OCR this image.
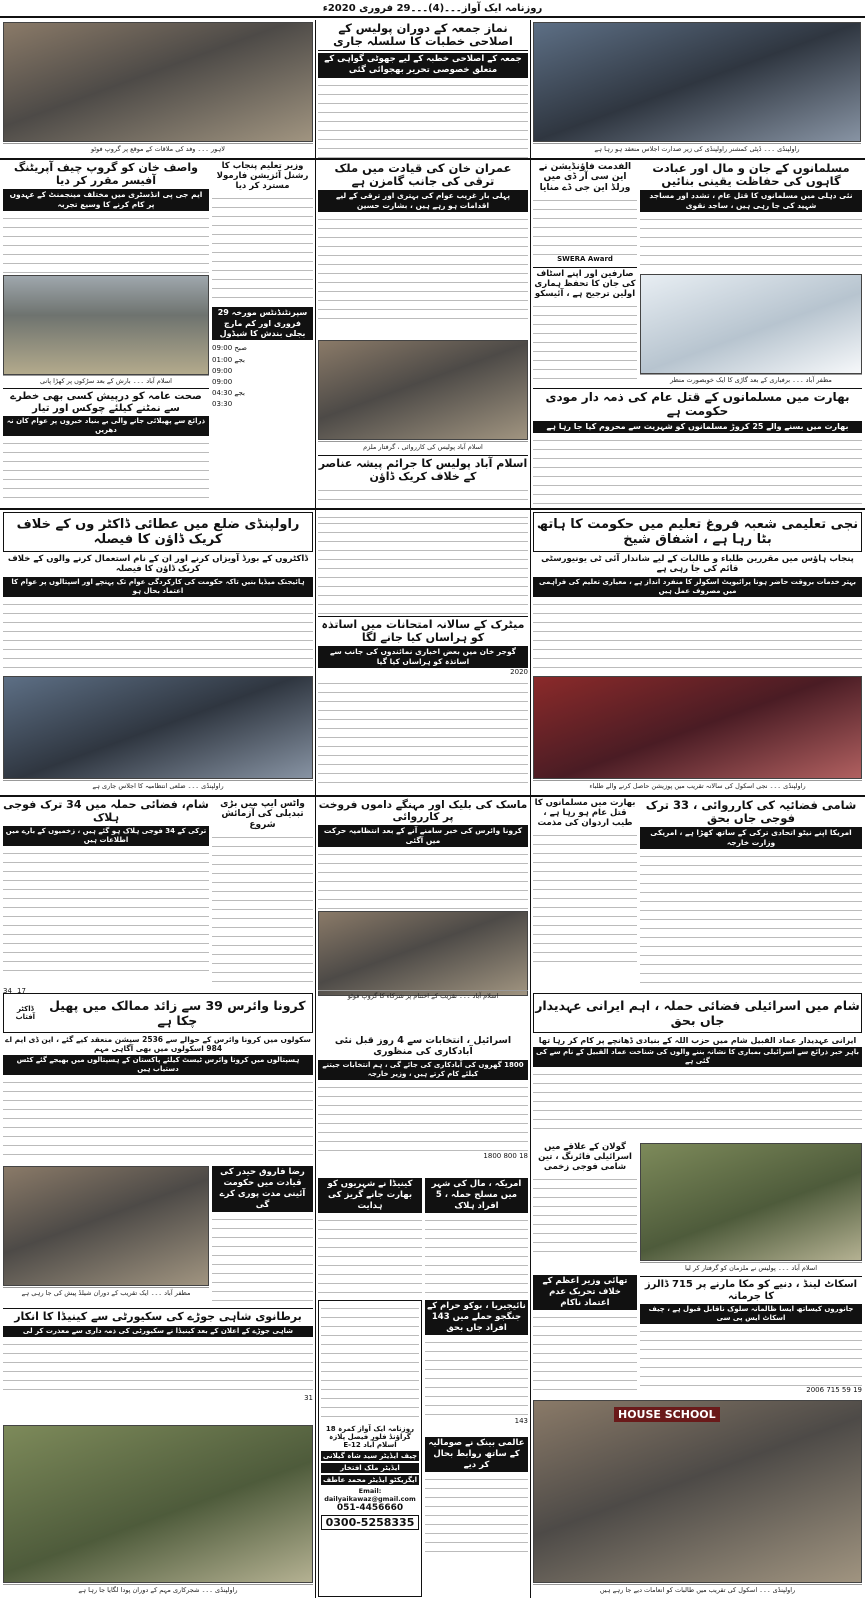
روزنامہ ایک آواز۔۔۔(4)۔۔۔29 فروری 2020ء
راولپنڈی ۔۔۔ ڈپٹی کمشنر راولپنڈی کی زیر صدارت اجلاس منعقد ہو رہا ہے
نماز جمعہ کے دوران پولیس کے اصلاحی خطبات کا سلسلہ جاری
جمعہ کے اصلاحی خطبہ کے لیے جھوٹی گواہی کے متعلق خصوصی تحریر بھجوائی گئی
لاہور ۔۔۔ وفد کی ملاقات کے موقع پر گروپ فوٹو
مسلمانوں کے جان و مال اور عبادت گاہوں کی حفاظت یقینی بنائیں
نئی دہلی میں مسلمانوں کا قتل عام ، تشدد اور مساجد شہید کی جا رہی ہیں ، ساجد نقوی
مظفر آباد ۔۔۔ برفباری کے بعد گاڑی کا ایک خوبصورت منظر
الفدمت فاؤنڈیشن نے این سی آر ڈی میں ورلڈ این جی ڈے منایا
SWERA Award
صارفین اور اپنے اسٹاف کی جان کا تحفظ ہماری اولین ترجیح ہے ، آئیسکو
عمران خان کی قیادت میں ملک ترقی کی جانب گامزن ہے
پہلی بار غریب عوام کی بہتری اور ترقی کے لیے اقدامات ہو رہے ہیں ، بشارت حسین
اسلام آباد پولیس کی کارروائی ، گرفتار ملزم
اسلام آباد پولیس کا جرائم پیشہ عناصر کے خلاف کریک ڈاؤن
وزیر تعلیم پنجاب کا رشنل آئزیشن فارمولا مسترد کر دیا
سپرنٹنڈنٹس مورخہ 29 فروری اور کم مارچ بجلی بندش کا شیڈول
صبح 09:00
01:00 بجے
09:00
09:00
04:30 بجے
03:30
واصف خان کو گروپ چیف آپریٹنگ آفیسر مقرر کر دیا
ایم جی پی انڈسٹری میں مختلف مینجمنٹ کے عہدوں پر کام کرنے کا وسیع تجربہ
اسلام آباد ۔۔۔ بارش کے بعد سڑکوں پر کھڑا پانی
صحت عامہ کو درپیش کسی بھی خطرے سے نمٹنے کیلئے چوکس اور تیار
ذرائع سے پھیلائی جانے والی بے بنیاد خبروں پر عوام کان نہ دھریں
بھارت میں مسلمانوں کے قتل عام کی ذمہ دار مودی حکومت ہے
بھارت میں بسنے والے 25 کروڑ مسلمانوں کو شہریت سے محروم کیا جا رہا ہے
نجی تعلیمی شعبہ فروغ تعلیم میں حکومت کا ہاتھ بٹا رہا ہے ، اشفاق شیخ
راولپنڈی ضلع میں عطائی ڈاکٹر وں کے خلاف کریک ڈاؤن کا فیصلہ
پنجاب ہاؤس میں مقررین طلباء و طالبات کے لیے شاندار آئی ٹی یونیورسٹی قائم کی جا رہی ہے
بہتر خدمات بروقت حاضر ہونا پرائیویٹ اسکولز کا منفرد انداز ہے ، معیاری تعلیم کی فراہمی میں مصروف عمل ہیں
ڈاکٹروں کے بورڈ آویزاں کرنے اور ان کے نام استعمال کرنے والوں کے خلاف کریک ڈاؤن کا فیصلہ
ہائیجنک میڈیا بنیں تاکہ حکومت کی کارکردگی عوام تک پہنچے اور اسپتالوں پر عوام کا اعتماد بحال ہو
میٹرک کے سالانہ امتحانات میں اساتذہ کو ہراساں کیا جانے لگا
گوجر خان میں بعض اخباری نمائندوں کی جانب سے اساتذہ کو ہراساں کیا گیا
2020
راولپنڈی ۔۔۔ نجی اسکول کی سالانہ تقریب میں پوزیشن حاصل کرنے والے طلباء
راولپنڈی ۔۔۔ ضلعی انتظامیہ کا اجلاس جاری ہے
شامی فضائیہ کی کارروائی ، 33 ترک فوجی جاں بحق
امریکا اپنے نیٹو اتحادی ترکی کے ساتھ کھڑا ہے ، امریکی وزارت خارجہ
بھارت میں مسلمانوں کا قتل عام ہو رہا ہے ، طیب اردوان کی مذمت
ماسک کی بلیک اور مہنگے داموں فروخت پر کارروائی
کرونا وائرس کی خبر سامنے آنے کے بعد انتظامیہ حرکت میں آگئی
اسلام آباد ۔۔۔ تقریب کے اختتام پر شرکاء کا گروپ فوٹو
واٹس ایپ میں بڑی تبدیلی کی آزمائش شروع
شام، فضائی حملہ میں 34 ترک فوجی ہلاک
ترکی کے 34 فوجی ہلاک ہو گئے ہیں ، زخمیوں کے بارے میں اطلاعات ہیں
34 17
شام میں اسرائیلی فضائی حملہ ، اہم ایرانی عہدیدار جاں بحق
کرونا وائرس 39 سے زائد ممالک میں پھیل چکا ہے
ڈاکٹر آفتاب
ایرانی عہدیدار عماد القبیل شام میں حزب اللہ کے بنیادی ڈھانچے پر کام کر رہا تھا
باہر خبر ذرائع سے اسرائیلی بمباری کا نشانہ بننے والوں کی شناخت عماد القبیل کے نام سے کی گئی ہے
سکولوں میں کرونا وائرس کے حوالے سے 2536 سیشن منعقد کیے گئے ، این ڈی ایم اے 984 اسکولوں میں بھی آگاہی مہم
ہسپتالوں میں کرونا وائرس ٹیسٹ کیلئے پاکستان کے ہسپتالوں میں بھیجے گئے کٹس دستیاب ہیں
اسرائیل ، انتخابات سے 4 روز قبل نئی آبادکاری کی منظوری
1800 گھروں کی آبادکاری کی جائے گی ، ہم انتخابات جیتنے کیلئے کام کرتے ہیں ، وزیر خارجہ
1800 800 18
کینیڈا نے شہریوں کو بھارت جانے گریز کی ہدایت
امریکہ ، مال کی شہر میں مسلح حملہ ، 5 افراد ہلاک
نائیجیریا ، بوکو حرام کے جنگجو حملے میں 143 افراد جاں بحق
143
عالمی بینک نے صومالیہ کے ساتھ روابط بحال کر دیے
روزنامہ ایک آواز کمرہ 18 گراؤنڈ فلور فیصل پلازہ
E-12 اسلام آباد
چیف ایڈیٹر سید شاہ گیلانی
ایڈیٹر ملک افتخار
ایگزیکٹو ایڈیٹر محمد عاطف
Email: dailyaikawaz@gmail.com
051-4456660
0300-5258335
گولان کے علاقے میں اسرائیلی فائرنگ ، تین شامی فوجی زخمی
تھائی وزیر اعظم کے خلاف تحریک عدم اعتماد ناکام
اسلام آباد ۔۔۔ پولیس نے ملزمان کو گرفتار کر لیا
اسکاٹ لینڈ ، دنیے کو مکا مارنے پر 715 ڈالرز کا جرمانہ
جانوروں کیساتھ ایسا ظالمانہ سلوک ناقابل قبول ہے ، چیف اسکاٹ ایس پی سی
2006 715 59 19
رضا فاروق حیدر کی قیادت میں حکومت آئینی مدت پوری کرے گی
مظفر آباد ۔۔۔ ایک تقریب کے دوران شیلڈ پیش کی جا رہی ہے
برطانوی شاہی جوڑے کی سکیورٹی سے کینیڈا کا انکار
شاہی جوڑے کے اعلان کے بعد کینیڈا نے سکیورٹی کی ذمہ داری سے معذرت کر لی
31
HOUSE SCHOOL
راولپنڈی ۔۔۔ اسکول کی تقریب میں طالبات کو انعامات دیے جا رہے ہیں
راولپنڈی ۔۔۔ شجرکاری مہم کے دوران پودا لگایا جا رہا ہے
